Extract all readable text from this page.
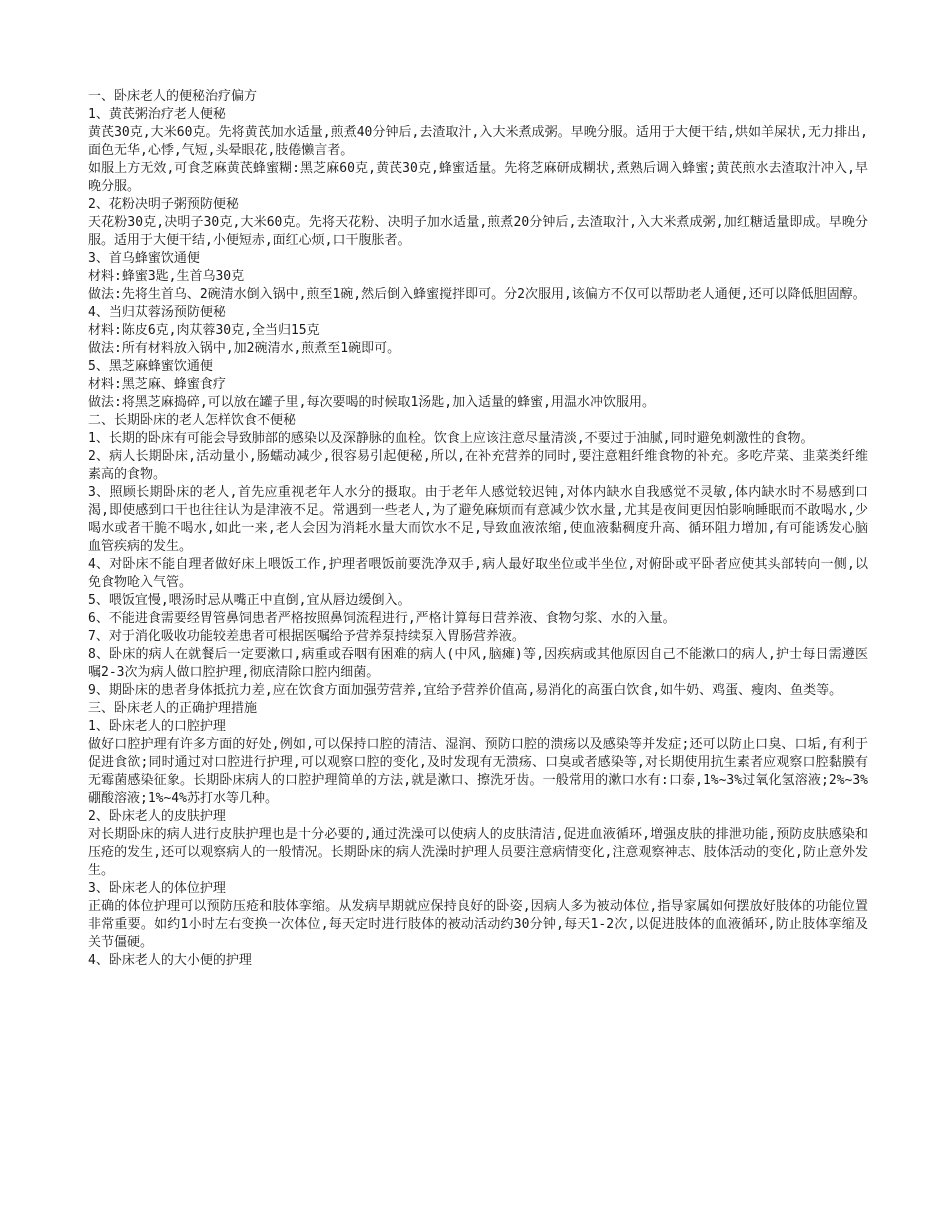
一、卧床老人的便秘治疗偏方

1、黄芪粥治疗老人便秘

黄芪30克,大米60克。先将黄芪加水适量,煎煮40分钟后,去渣取汁,入大米煮成粥。早晚分服。适用于大便干结,烘如羊屎状,无力排出,面色无华,心悸,气短,头晕眼花,肢倦懒言者。

如服上方无效,可食芝麻黄芪蜂蜜糊:黑芝麻60克,黄芪30克,蜂蜜适量。先将芝麻研成糊状,煮熟后调入蜂蜜;黄芪煎水去渣取汁冲入,早晚分服。

2、花粉决明子粥预防便秘

天花粉30克,决明子30克,大米60克。先将天花粉、决明子加水适量,煎煮20分钟后,去渣取汁,入大米煮成粥,加红糖适量即成。早晚分服。适用于大便干结,小便短赤,面红心烦,口干腹胀者。

3、首乌蜂蜜饮通便

材料:蜂蜜3匙,生首乌30克

做法:先将生首乌、2碗清水倒入锅中,煎至1碗,然后倒入蜂蜜搅拌即可。分2次服用,该偏方不仅可以帮助老人通便,还可以降低胆固醇。

4、当归苁蓉汤预防便秘

材料:陈皮6克,肉苁蓉30克,全当归15克

做法:所有材料放入锅中,加2碗清水,煎煮至1碗即可。

5、黑芝麻蜂蜜饮通便

材料:黑芝麻、蜂蜜食疗

做法:将黑芝麻捣碎,可以放在罐子里,每次要喝的时候取1汤匙,加入适量的蜂蜜,用温水冲饮服用。

二、长期卧床的老人怎样饮食不便秘

1、长期的卧床有可能会导致肺部的感染以及深静脉的血栓。饮食上应该注意尽量清淡,不要过于油腻,同时避免刺激性的食物。

2、病人长期卧床,活动量小,肠蠕动减少,很容易引起便秘,所以,在补充营养的同时,要注意粗纤维食物的补充。多吃芹菜、韭菜类纤维素高的食物。

3、照顾长期卧床的老人,首先应重视老年人水分的摄取。由于老年人感觉较迟钝,对体内缺水自我感觉不灵敏,体内缺水时不易感到口渴,即使感到口干也往往认为是津液不足。常遇到一些老人,为了避免麻烦而有意减少饮水量,尤其是夜间更因怕影响睡眠而不敢喝水,少喝水或者干脆不喝水,如此一来,老人会因为消耗水量大而饮水不足,导致血液浓缩,使血液黏稠度升高、循环阻力增加,有可能诱发心脑血管疾病的发生。

4、对卧床不能自理者做好床上喂饭工作,护理者喂饭前要洗净双手,病人最好取坐位或半坐位,对俯卧或平卧者应使其头部转向一侧,以免食物呛入气管。

5、喂饭宜慢,喂汤时忌从嘴正中直倒,宜从唇边缓倒入。

6、不能进食需要经胃管鼻饲患者严格按照鼻饲流程进行,严格计算每日营养液、食物匀浆、水的入量。

7、对于消化吸收功能较差患者可根据医嘱给予营养泵持续泵入胃肠营养液。

8、卧床的病人在就餐后一定要漱口,病重或吞咽有困难的病人(中风,脑瘫)等,因疾病或其他原因自己不能漱口的病人,护士每日需遵医嘱2-3次为病人做口腔护理,彻底清除口腔内细菌。

9、期卧床的患者身体抵抗力差,应在饮食方面加强劳营养,宜给予营养价值高,易消化的高蛋白饮食,如牛奶、鸡蛋、瘦肉、鱼类等。

三、卧床老人的正确护理措施

1、卧床老人的口腔护理

做好口腔护理有许多方面的好处,例如,可以保持口腔的清洁、湿润、预防口腔的溃疡以及感染等并发症;还可以防止口臭、口垢,有利于促进食欲;同时通过对口腔进行护理,可以观察口腔的变化,及时发现有无溃疡、口臭或者感染等,对长期使用抗生素者应观察口腔黏膜有无霉菌感染征象。长期卧床病人的口腔护理简单的方法,就是漱口、擦洗牙齿。一般常用的漱口水有:口泰,1%~3%过氧化氢溶液;2%~3%硼酸溶液;1%~4%苏打水等几种。

2、卧床老人的皮肤护理

对长期卧床的病人进行皮肤护理也是十分必要的,通过洗澡可以使病人的皮肤清洁,促进血液循环,增强皮肤的排泄功能,预防皮肤感染和压疮的发生,还可以观察病人的一般情况。长期卧床的病人洗澡时护理人员要注意病情变化,注意观察神志、肢体活动的变化,防止意外发生。

3、卧床老人的体位护理

正确的体位护理可以预防压疮和肢体挛缩。从发病早期就应保持良好的卧姿,因病人多为被动体位,指导家属如何摆放好肢体的功能位置非常重要。如约1小时左右变换一次体位,每天定时进行肢体的被动活动约30分钟,每天1-2次,以促进肢体的血液循环,防止肢体挛缩及关节僵硬。

4、卧床老人的大小便的护理
